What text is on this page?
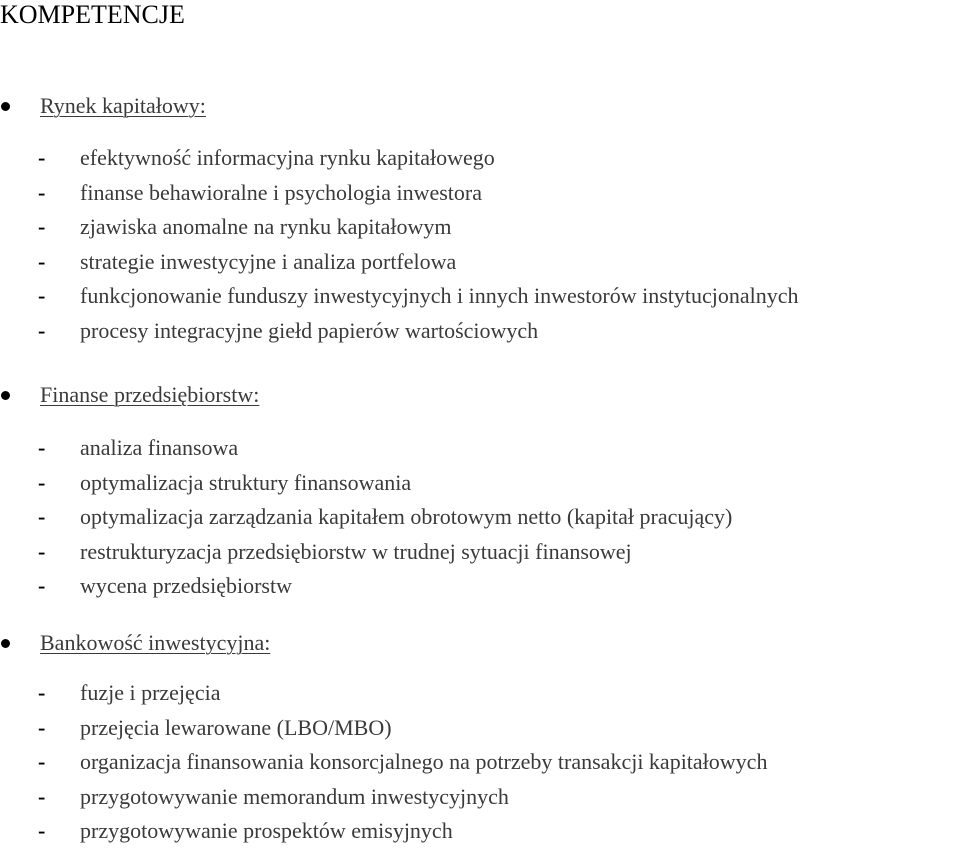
KOMPETENCJE
Rynek kapitałowy:
- efektywność informacyjna rynku kapitałowego
- finanse behawioralne i psychologia inwestora
- zjawiska anomalne na rynku kapitałowym
- strategie inwestycyjne i analiza portfelowa
- funkcjonowanie funduszy inwestycyjnych i innych inwestorów instytucjonalnych
- procesy integracyjne giełd papierów wartościowych
Finanse przedsiębiorstw:
- analiza finansowa
- optymalizacja struktury finansowania
- optymalizacja zarządzania kapitałem obrotowym netto (kapitał pracujący)
- restrukturyzacja przedsiębiorstw w trudnej sytuacji finansowej
- wycena przedsiębiorstw
Bankowość inwestycyjna:
- fuzje i przejęcia
- przejęcia lewarowane (LBO/MBO)
- organizacja finansowania konsorcjalnego na potrzeby transakcji kapitałowych
- przygotowywanie memorandum inwestycyjnych
- przygotowywanie prospektów emisyjnych
